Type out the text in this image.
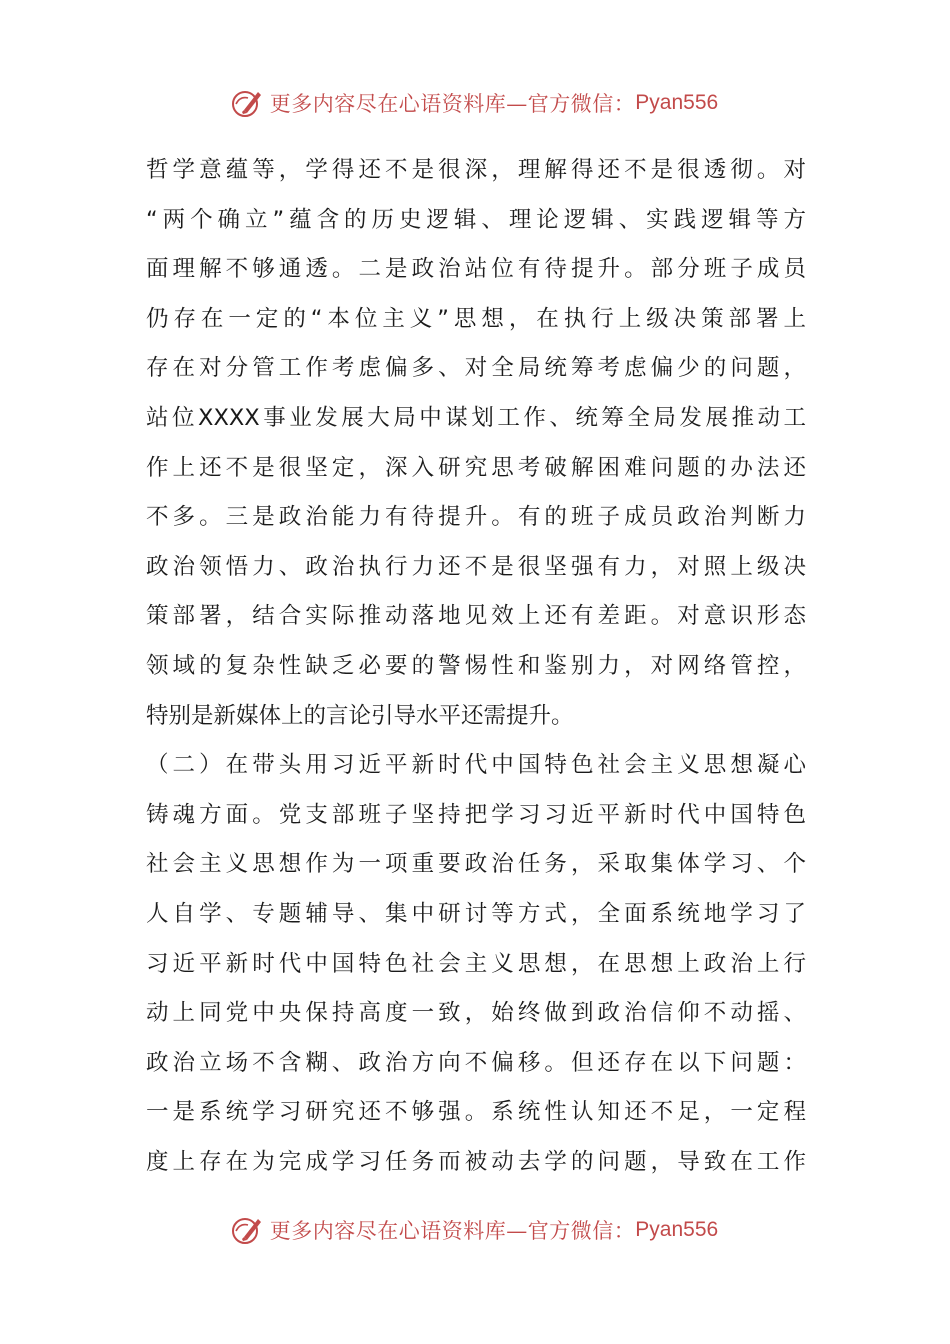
更多内容尽在心语资料库—官方微信： Pyan556
哲学意蕴等，学得还不是很深，理解得还不是很透彻。对
“两个确立”蕴含的历史逻辑、理论逻辑、实践逻辑等方
面理解不够通透。二是政治站位有待提升。部分班子成员
仍存在一定的“本位主义”思想，在执行上级决策部署上
存在对分管工作考虑偏多、对全局统筹考虑偏少的问题，
站位XXXX事业发展大局中谋划工作、统筹全局发展推动工
作上还不是很坚定，深入研究思考破解困难问题的办法还
不多。三是政治能力有待提升。有的班子成员政治判断力
政治领悟力、政治执行力还不是很坚强有力，对照上级决
策部署，结合实际推动落地见效上还有差距。对意识形态
领域的复杂性缺乏必要的警惕性和鉴别力，对网络管控，
特别是新媒体上的言论引导水平还需提升。
（二）在带头用习近平新时代中国特色社会主义思想凝心
铸魂方面。党支部班子坚持把学习习近平新时代中国特色
社会主义思想作为一项重要政治任务，采取集体学习、个
人自学、专题辅导、集中研讨等方式，全面系统地学习了
习近平新时代中国特色社会主义思想，在思想上政治上行
动上同党中央保持高度一致，始终做到政治信仰不动摇、
政治立场不含糊、政治方向不偏移。但还存在以下问题：
一是系统学习研究还不够强。系统性认知还不足，一定程
度上存在为完成学习任务而被动去学的问题，导致在工作
更多内容尽在心语资料库—官方微信： Pyan556
